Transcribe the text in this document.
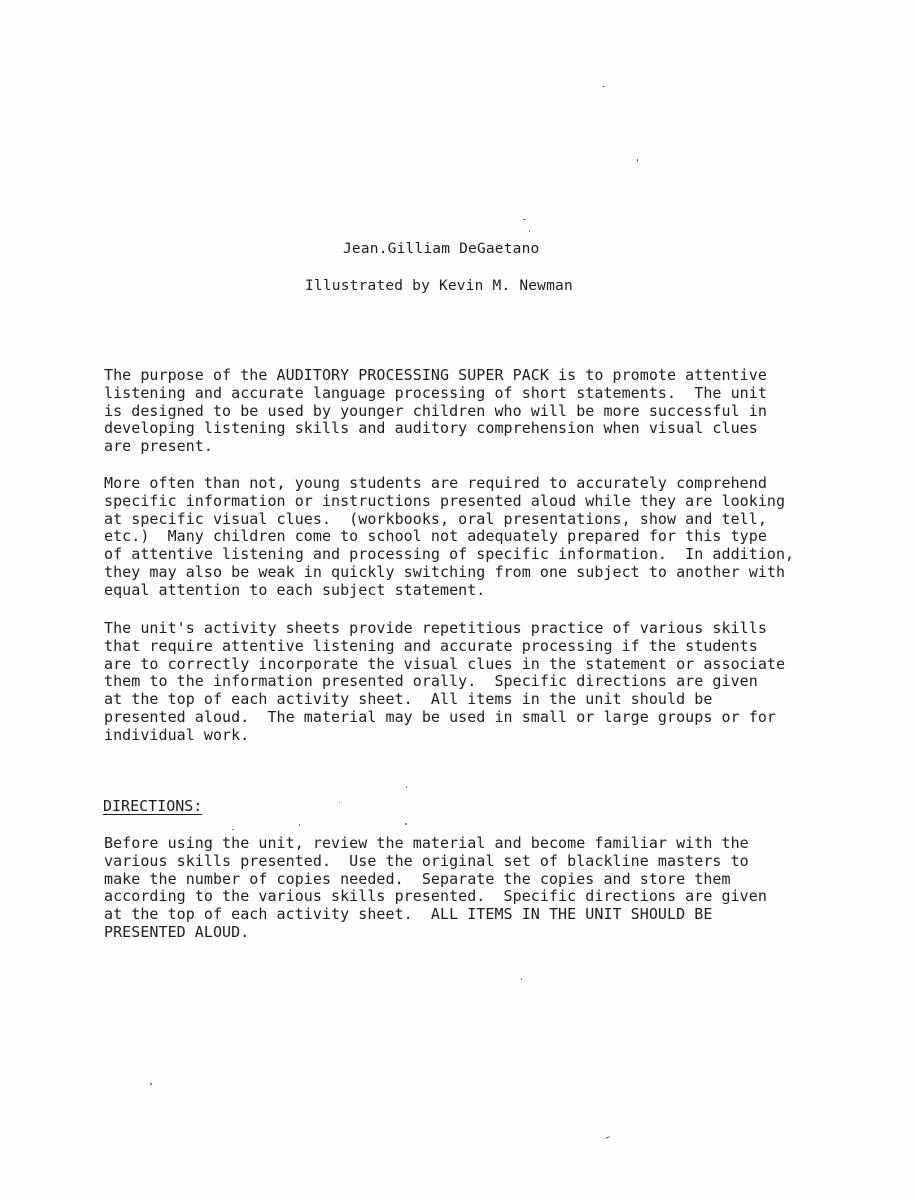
Jean.Gilliam DeGaetano
Illustrated by Kevin M. Newman
The purpose of the AUDITORY PROCESSING SUPER PACK is to promote attentive
listening and accurate language processing of short statements.  The unit
is designed to be used by younger children who will be more successful in
developing listening skills and auditory comprehension when visual clues
are present.
More often than not, young students are required to accurately comprehend
specific information or instructions presented aloud while they are looking
at specific visual clues.  (workbooks, oral presentations, show and tell,
etc.)  Many children come to school not adequately prepared for this type
of attentive listening and processing of specific information.  In addition,
they may also be weak in quickly switching from one subject to another with
equal attention to each subject statement.
The unit's activity sheets provide repetitious practice of various skills
that require attentive listening and accurate processing if the students
are to correctly incorporate the visual clues in the statement or associate
them to the information presented orally.  Specific directions are given
at the top of each activity sheet.  All items in the unit should be
presented aloud.  The material may be used in small or large groups or for
individual work.
DIRECTIONS:
Before using the unit, review the material and become familiar with the
various skills presented.  Use the original set of blackline masters to
make the number of copies needed.  Separate the copies and store them
according to the various skills presented.  Specific directions are given
at the top of each activity sheet.  ALL ITEMS IN THE UNIT SHOULD BE
PRESENTED ALOUD.
